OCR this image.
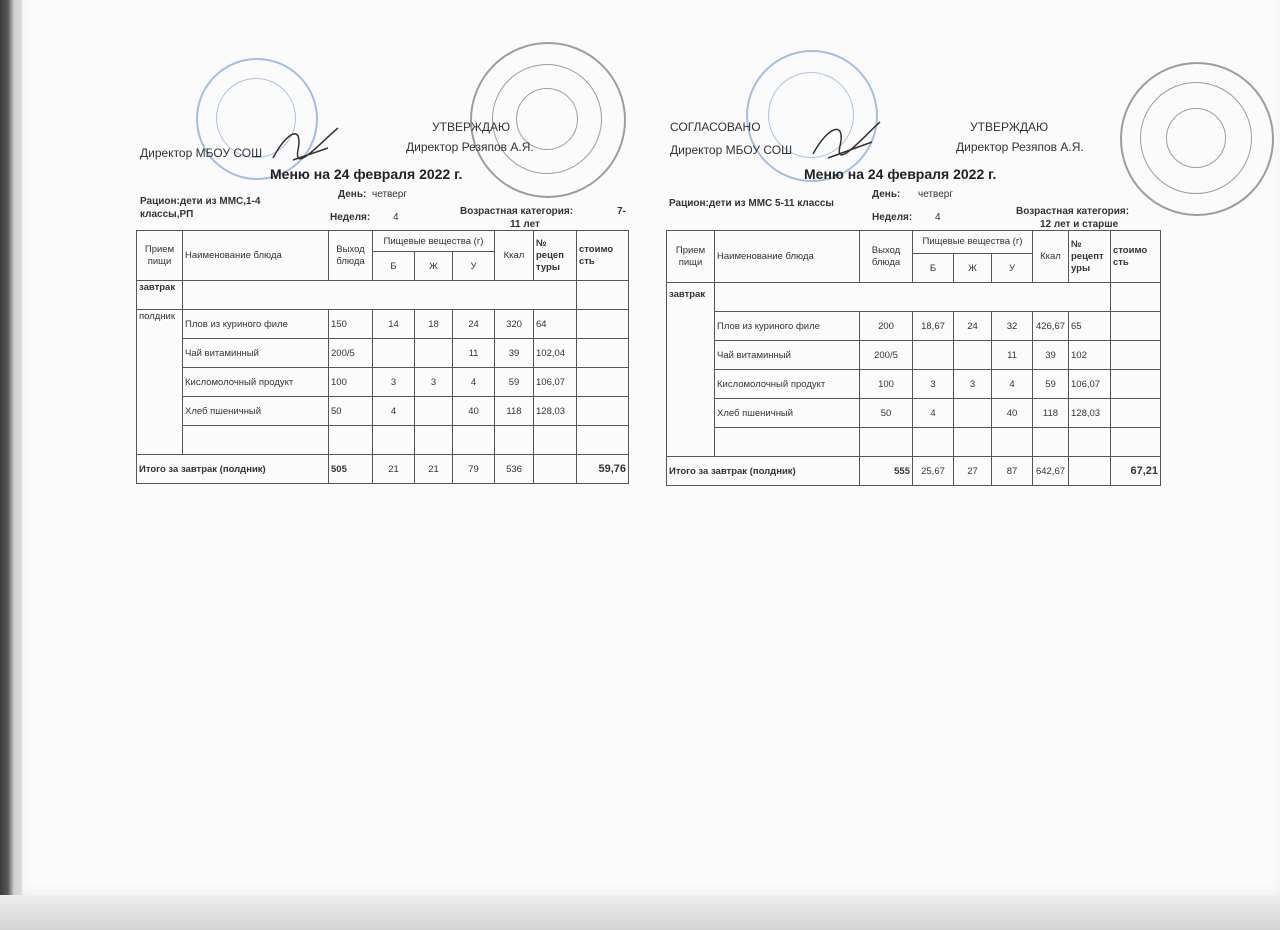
УТВЕРЖДАЮ
Директор Резяпов А.Я.
Директор МБОУ СОШ
Меню на 24 февраля 2022 г.
Рацион:дети из ММС,1-4
классы,РП
День: четверг
Неделя: 4
Возрастная категория:	7-
11 лет
Прием пищи	Наименование блюда	Выход блюда	Пищевые вещества (г)			Ккал	№ рецеп туры	стоимо сть
			Б	Ж	У			
завтрак								
полдник	Плов из куриного филе	150	14	18	24	320	64	
	Чай витаминный	200/5			11	39	102,04	
	Кисломолочный продукт	100	3	3	4	59	106,07	
	Хлеб пшеничный	50	4		40	118	128,03	

Итого за завтрак (полдник)		505	21	21	79	536		59,76
СОГЛАСОВАНО	УТВЕРЖДАЮ
Директор МБОУ СОШ	Директор Резяпов А.Я.
Меню на 24 февраля 2022 г.
Рацион:дети из ММС 5-11 классы
День: четверг
Неделя: 4
Возрастная категория:
12 лет и старше
Прием пищи	Наименование блюда	Выход блюда	Пищевые вещества (г)			Ккал	№ рецепт уры	стоимо сть
			Б	Ж	У			
завтрак								
	Плов из куриного филе	200	18,67	24	32	426,67	65	
	Чай витаминный	200/5			11	39	102	
	Кисломолочный продукт	100	3	3	4	59	106,07	
	Хлеб пшеничный	50	4		40	118	128,03	

Итого за завтрак (полдник)		555	25,67	27	87	642,67		67,21
